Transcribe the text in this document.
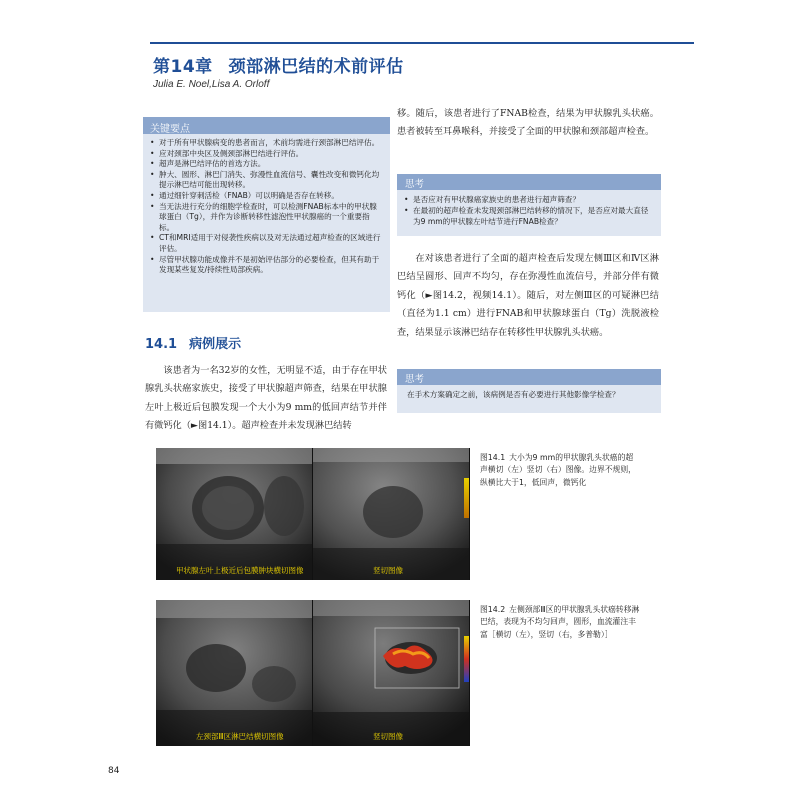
第14章 颈部淋巴结的术前评估
Julia E. Noel,Lisa A. Orloff
关键要点
• 对于所有甲状腺病变的患者而言，术前均需进行颈部淋巴结评估。
• 应对颈部中央区及侧颈部淋巴结进行评估。
• 超声是淋巴结评估的首选方法。
• 肿大、圆形、淋巴门消失、弥漫性血流信号、囊性改变和微钙化均提示淋巴结可能出现转移。
• 通过细针穿刺活检（FNAB）可以明确是否存在转移。
• 当无法进行充分的细胞学检查时，可以检测FNAB标本中的甲状腺球蛋白（Tg），并作为诊断转移性滤泡性甲状腺癌的一个重要指标。
• CT和MRI适用于对侵袭性疾病以及对无法通过超声检查的区域进行评估。
• 尽管甲状腺功能成像并不是初始评估部分的必要检查，但其有助于发现某些复发/持续性局部疾病。
14.1 病例展示

该患者为一名32岁的女性，无明显不适，由于存在甲状腺乳头状癌家族史，接受了甲状腺超声筛查，结果在甲状腺左叶上极近后包膜发现一个大小为9 mm的低回声结节并伴有微钙化（►图14.1）。超声检查并未发现淋巴结转

移。随后，该患者进行了FNAB检查，结果为甲状腺乳头状癌。患者被转至耳鼻喉科，并接受了全面的甲状腺和颈部超声检查。

思考
• 是否应对有甲状腺癌家族史的患者进行超声筛查？
• 在最初的超声检查未发现颈部淋巴结转移的情况下，是否应对最大直径为9 mm的甲状腺左叶结节进行FNAB检查？

在对该患者进行了全面的超声检查后发现左侧Ⅲ区和Ⅳ区淋巴结呈圆形、回声不均匀，存在弥漫性血流信号，并部分伴有微钙化（►图14.2，视频14.1）。随后，对左侧Ⅲ区的可疑淋巴结（直径为1.1 cm）进行FNAB和甲状腺球蛋白（Tg）洗脱液检查，结果显示该淋巴结存在转移性甲状腺乳头状癌。

思考
在手术方案确定之前，该病例是否有必要进行其他影像学检查？
甲状腺左叶上极近后包膜肿块横切图像	竖切图像
图14.1 大小为9 mm的甲状腺乳头状癌的超声横切（左）竖切（右）图像。边界不规则，纵横比大于1，低回声，微钙化
左颈部Ⅲ区淋巴结横切图像	竖切图像
图14.2 左侧颈部Ⅲ区的甲状腺乳头状癌转移淋巴结，表现为不均匀回声，圆形，血流灌注丰富［横切（左），竖切（右，多普勒）］
84
